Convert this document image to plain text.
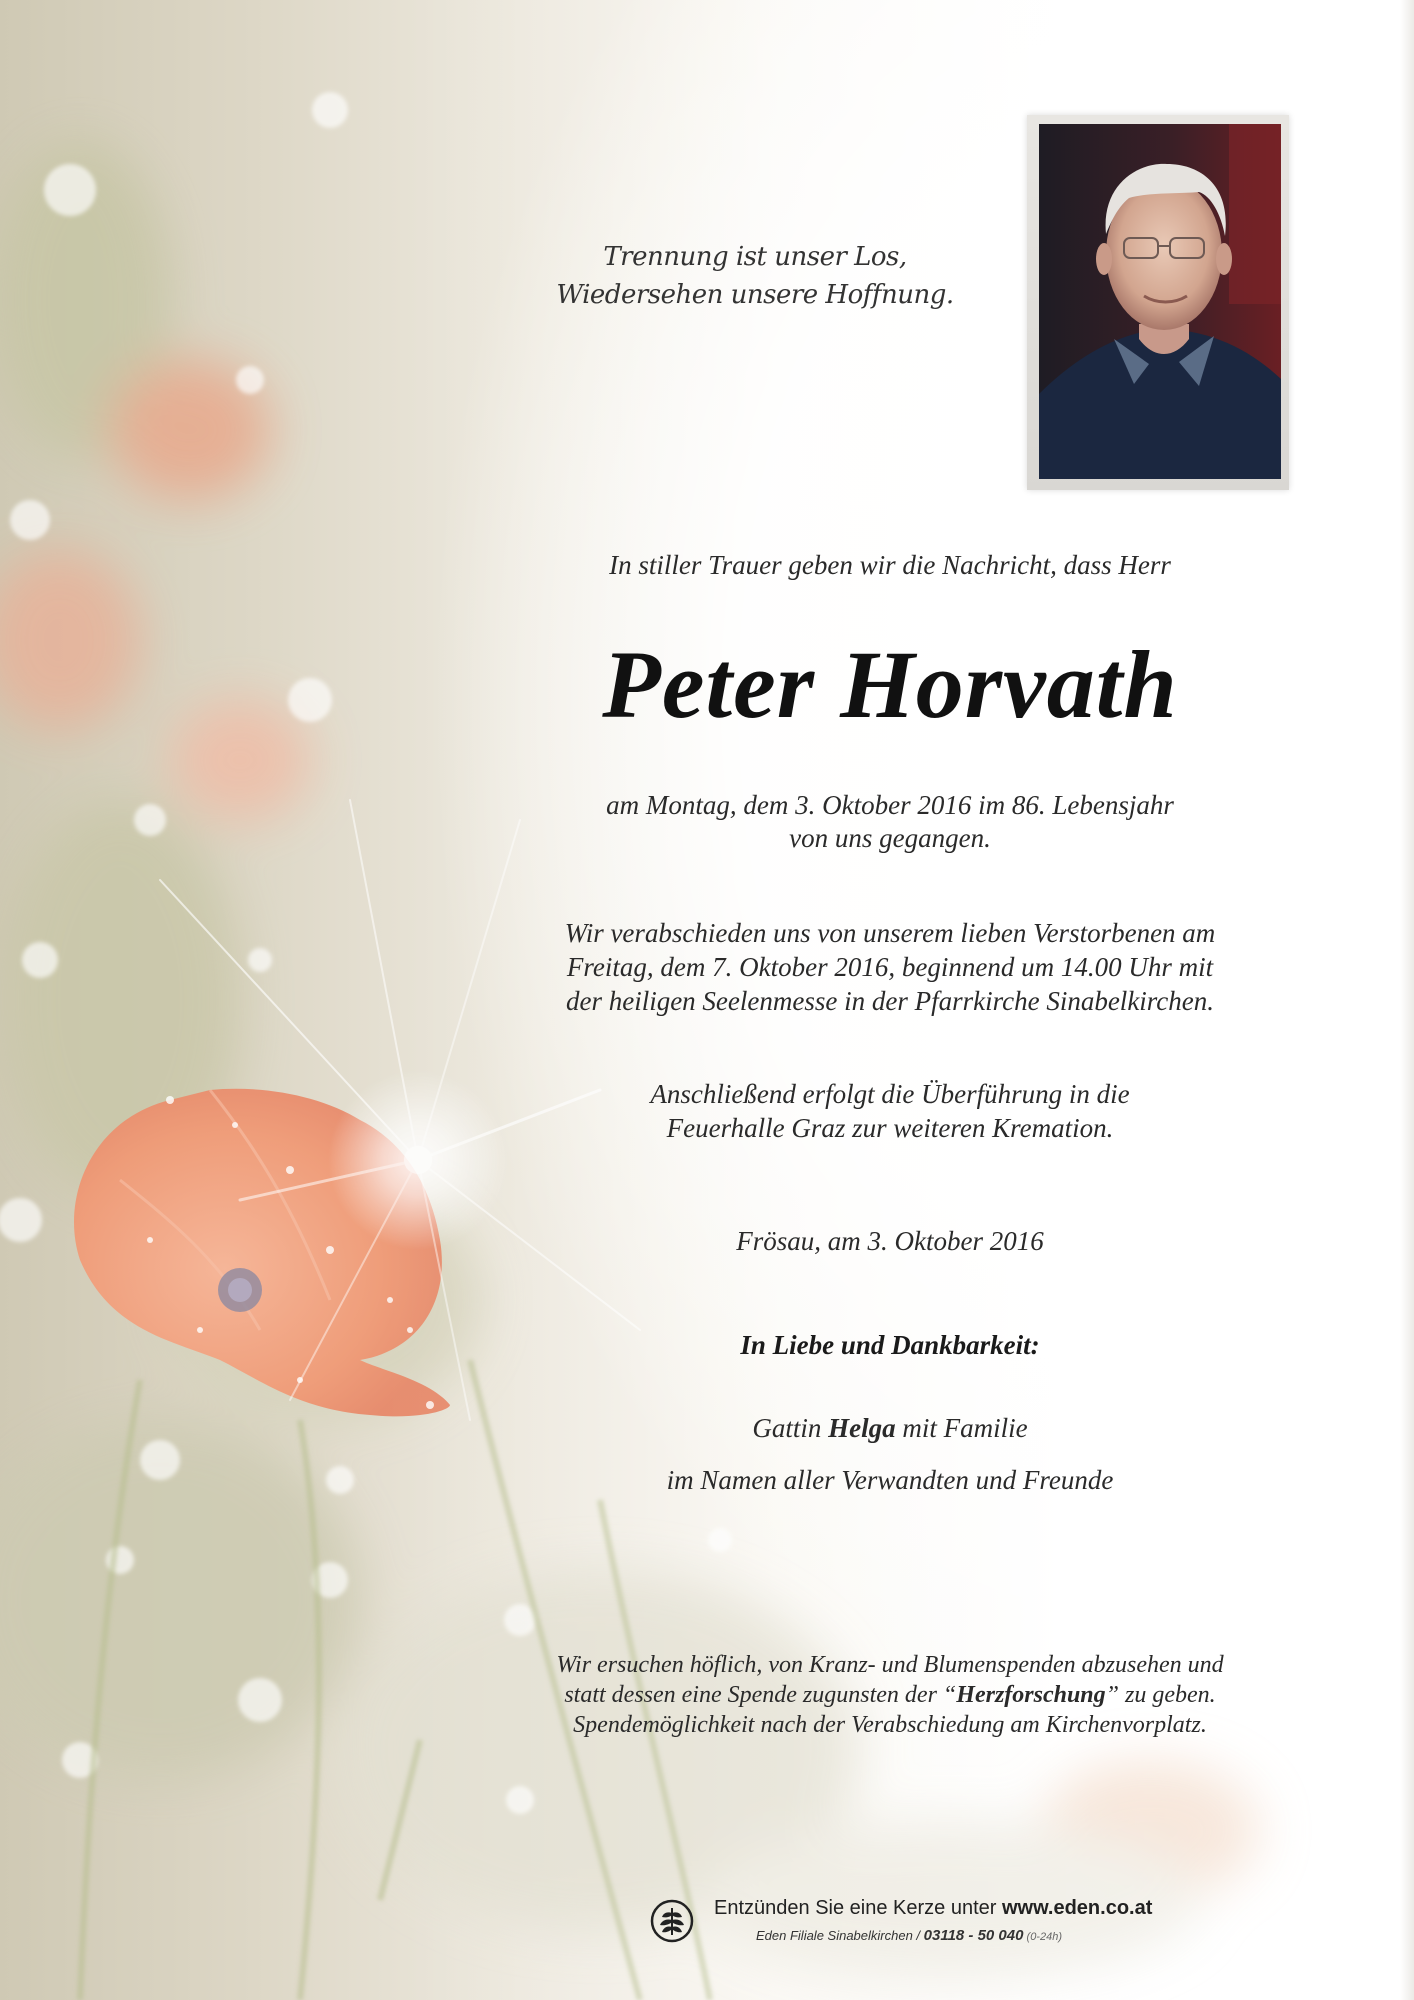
Trennung ist unser Los,
Wiedersehen unsere Hoffnung.
In stiller Trauer geben wir die Nachricht, dass Herr
Peter Horvath
am Montag, dem 3. Oktober 2016 im 86. Lebensjahr
von uns gegangen.
Wir verabschieden uns von unserem lieben Verstorbenen am
Freitag, dem 7. Oktober 2016, beginnend um 14.00 Uhr mit
der heiligen Seelenmesse in der Pfarrkirche Sinabelkirchen.
Anschließend erfolgt die Überführung in die
Feuerhalle Graz zur weiteren Kremation.
Frösau, am 3. Oktober 2016
In Liebe und Dankbarkeit:
Gattin Helga mit Familie
im Namen aller Verwandten und Freunde
Wir ersuchen höflich, von Kranz- und Blumenspenden abzusehen und
statt dessen eine Spende zugunsten der “Herzforschung” zu geben.
Spendemöglichkeit nach der Verabschiedung am Kirchenvorplatz.
Entzünden Sie eine Kerze unter www.eden.co.at
Eden Filiale Sinabelkirchen / 03118 - 50 040 (0-24h)
